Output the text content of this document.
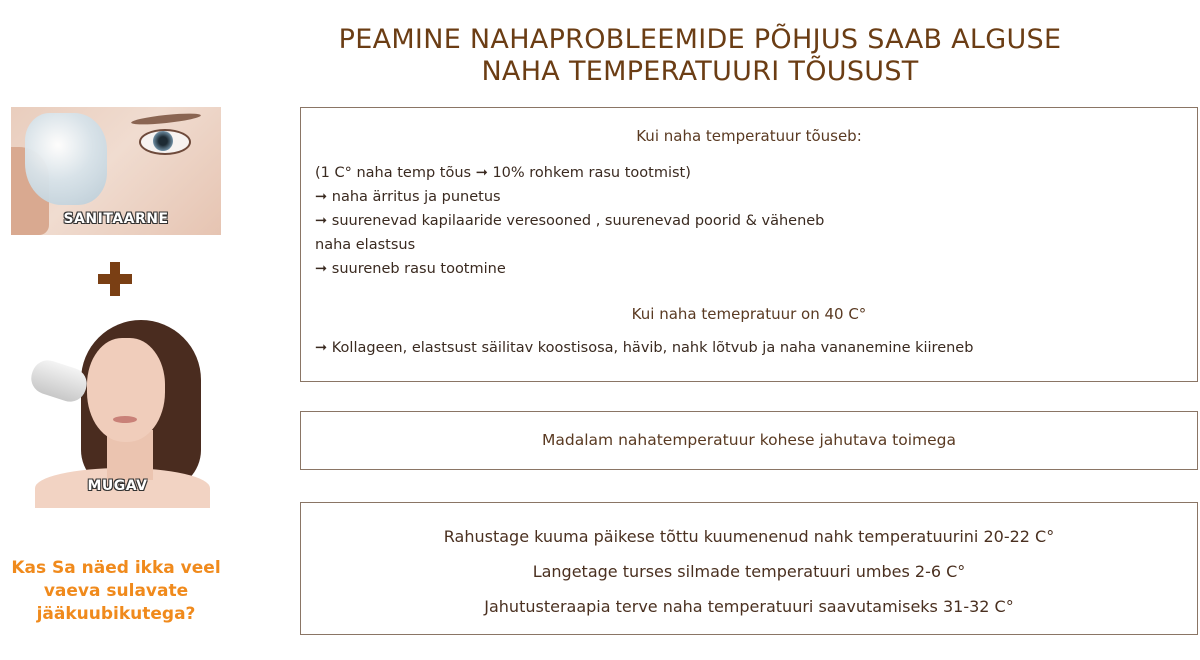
PEAMINE NAHAPROBLEEMIDE PÕHJUS SAAB ALGUSE
NAHA TEMPERATUURI TÕUSUST
SANITAARNE
MUGAV
Kas Sa näed ikka veel vaeva sulavate jääkuubikutega?
Kui naha temperatuur tõuseb:
(1 C° naha temp tõus ➞ 10% rohkem rasu tootmist)
➞ naha ärritus ja punetus
➞ suurenevad kapilaaride veresooned , suurenevad poorid & väheneb
naha elastsus
➞ suureneb rasu tootmine
Kui naha temepratuur on 40 C°
➞ Kollageen, elastsust säilitav koostisosa, hävib, nahk lõtvub ja naha vananemine kiireneb
Madalam nahatemperatuur kohese jahutava toimega
Rahustage kuuma päikese tõttu kuumenenud nahk temperatuurini 20-22 C°
Langetage turses silmade temperatuuri umbes 2-6 C°
Jahutusteraapia terve naha temperatuuri saavutamiseks 31-32 C°
